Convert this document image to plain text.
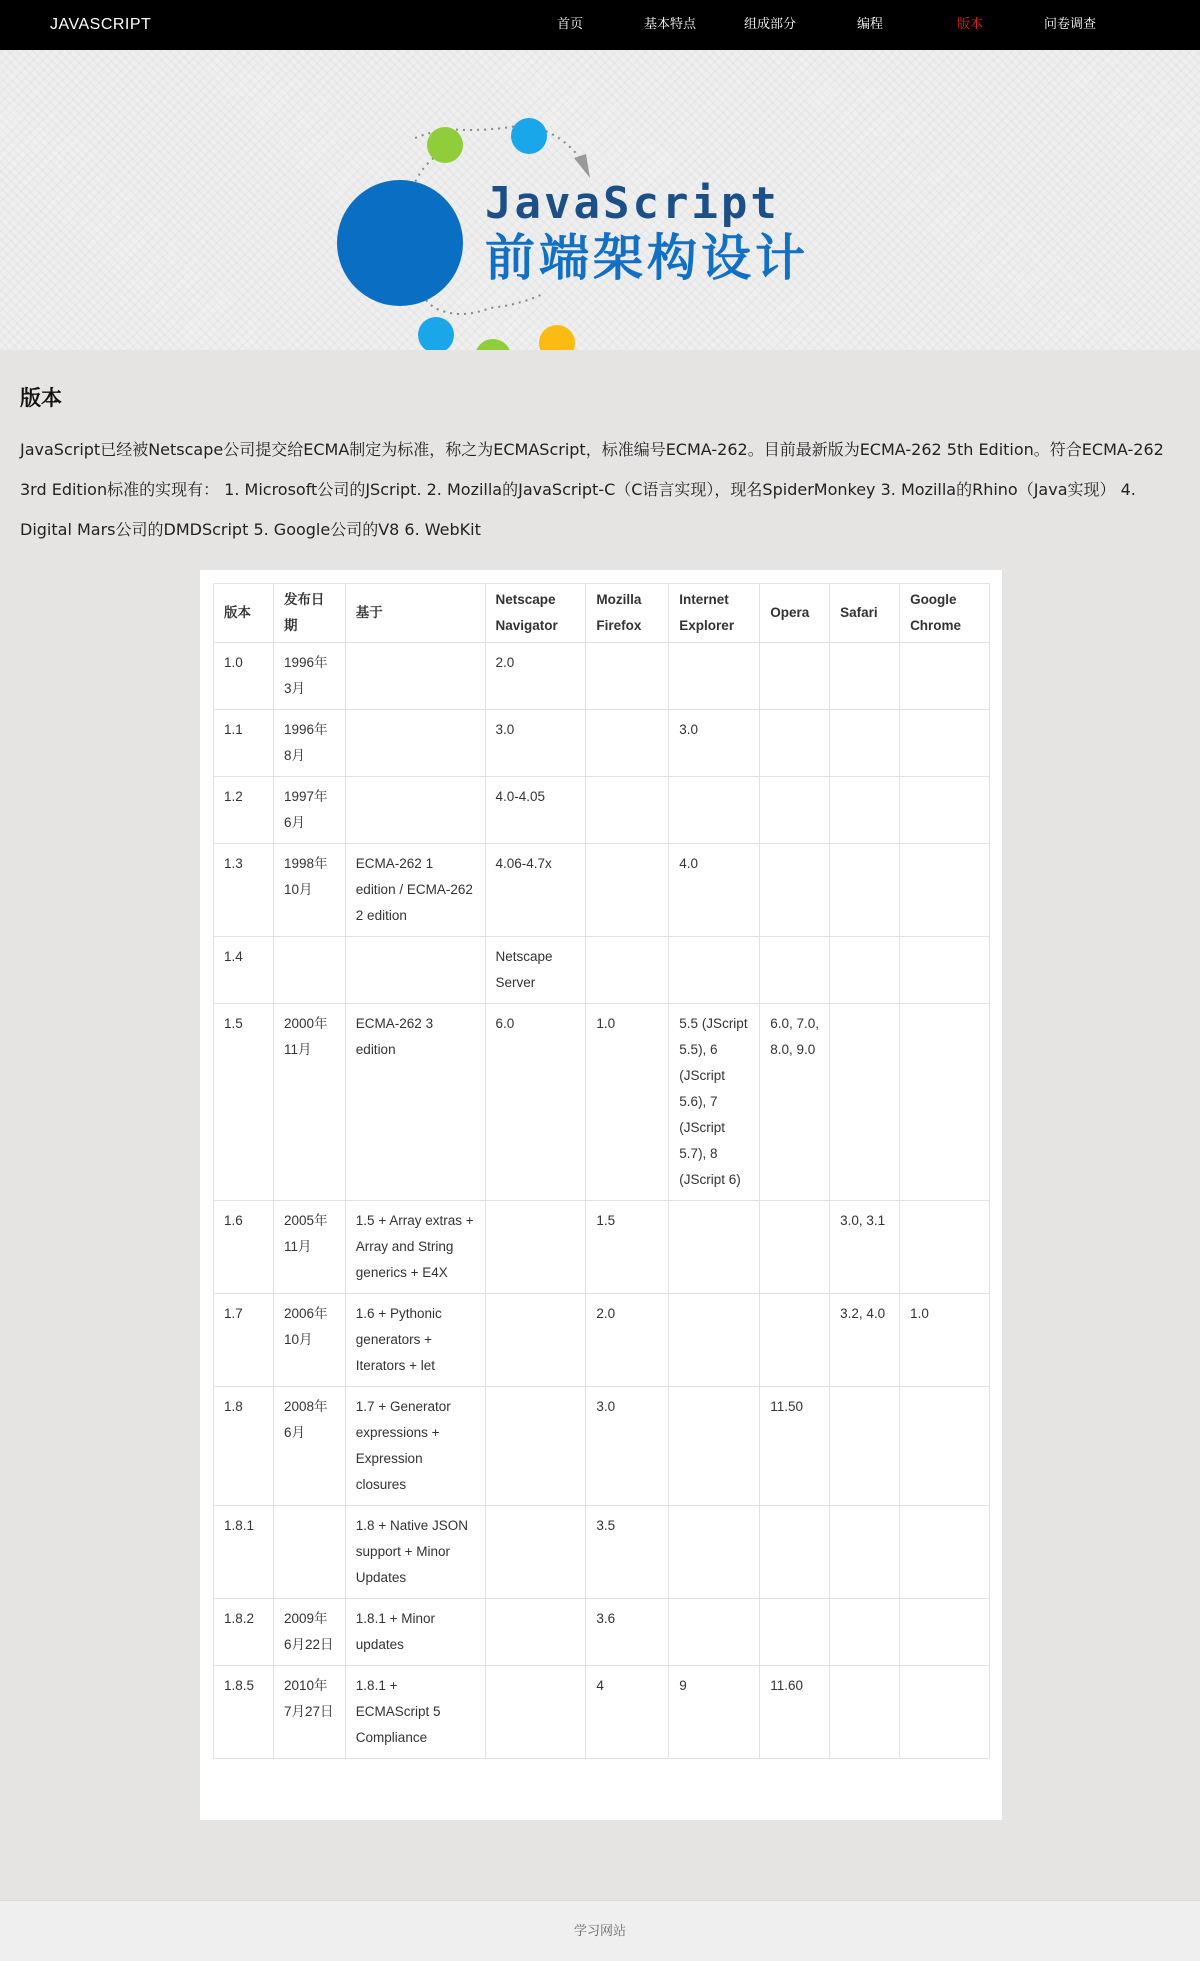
JAVASCRIPT	首页	基本特点	组成部分	编程	版本	问卷调查
JavaScript
前端架构设计
版本

JavaScript已经被Netscape公司提交给ECMA制定为标准，称之为ECMAScript，标准编号ECMA-262。目前最新版为ECMA-262 5th Edition。符合ECMA-262 3rd Edition标准的实现有： 1. Microsoft公司的JScript. 2. Mozilla的JavaScript-C（C语言实现），现名SpiderMonkey 3. Mozilla的Rhino（Java实现） 4. Digital Mars公司的DMDScript 5. Google公司的V8 6. WebKit

版本	发布日期	基于	Netscape Navigator	Mozilla Firefox	Internet Explorer	Opera	Safari	Google Chrome
1.0	1996年3月		2.0					
1.1	1996年8月		3.0		3.0			
1.2	1997年6月		4.0-4.05					
1.3	1998年10月	ECMA-262 1 edition / ECMA-262 2 edition	4.06-4.7x		4.0			
1.4			Netscape Server					
1.5	2000年11月	ECMA-262 3 edition	6.0	1.0	5.5 (JScript 5.5), 6 (JScript 5.6), 7 (JScript 5.7), 8 (JScript 6)	6.0, 7.0, 8.0, 9.0		
1.6	2005年11月	1.5 + Array extras + Array and String generics + E4X		1.5			3.0, 3.1	
1.7	2006年10月	1.6 + Pythonic generators + Iterators + let		2.0			3.2, 4.0	1.0
1.8	2008年6月	1.7 + Generator expressions + Expression closures		3.0		11.50		
1.8.1		1.8 + Native JSON support + Minor Updates		3.5				
1.8.2	2009年6月22日	1.8.1 + Minor updates		3.6				
1.8.5	2010年7月27日	1.8.1 + ECMAScript 5 Compliance		4	9	11.60		
学习网站
